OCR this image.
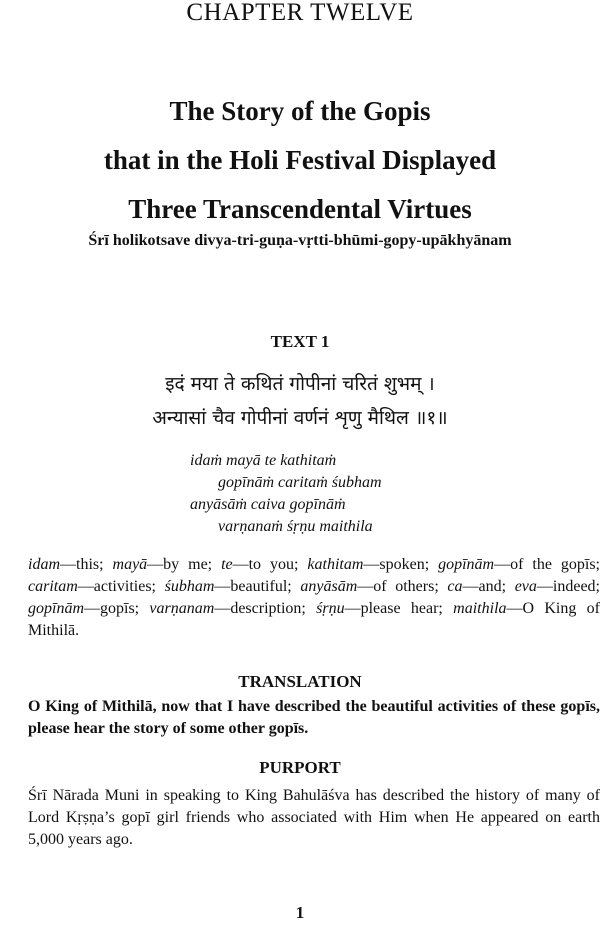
CHAPTER TWELVE
The Story of the Gopis
that in the Holi Festival Displayed
Three Transcendental Virtues
Śrī holikotsave divya-tri-guṇa-vṛtti-bhūmi-gopy-upākhyānam
TEXT 1
इदं मया ते कथितं गोपीनां चरितं शुभम् ।
अन्यासां चैव गोपीनां वर्णनं शृणु मैथिल ॥१॥
idaṁ mayā te kathitaṁ
gopīnāṁ caritaṁ śubham
anyāsāṁ caiva gopīnāṁ
varṇanaṁ śṛṇu maithila

idam—this; mayā—by me; te—to you; kathitam—spoken; gopīnām—of the gopīs; caritam—activities; śubham—beautiful; anyāsām—of others; ca—and; eva—indeed; gopīnām—gopīs; varṇanam—description; śṛṇu—please hear; maithila—O King of Mithilā.

TRANSLATION

O King of Mithilā, now that I have described the beautiful activities of these gopīs, please hear the story of some other gopīs.

PURPORT

Śrī Nārada Muni in speaking to King Bahulāśva has described the history of many of Lord Kṛṣṇa’s gopī girl friends who associated with Him when He appeared on earth 5,000 years ago.

1
